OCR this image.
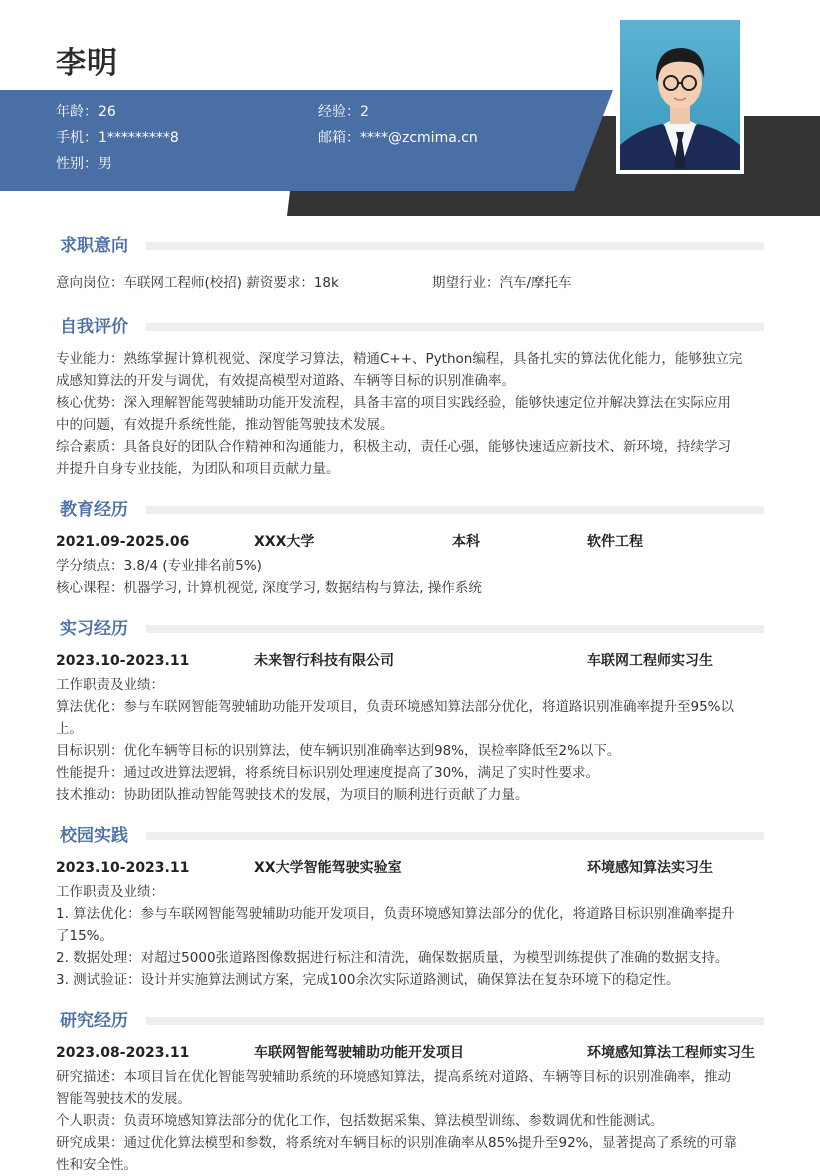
李明
年龄：26	经验：2
手机：1*********8	邮箱：****@zcmima.cn
性别：男
求职意向
意向岗位：车联网工程师(校招) 薪资要求：18k	期望行业：汽车/摩托车
自我评价
专业能力：熟练掌握计算机视觉、深度学习算法，精通C++、Python编程，具备扎实的算法优化能力，能够独立完
成感知算法的开发与调优，有效提高模型对道路、车辆等目标的识别准确率。
核心优势：深入理解智能驾驶辅助功能开发流程，具备丰富的项目实践经验，能够快速定位并解决算法在实际应用
中的问题，有效提升系统性能，推动智能驾驶技术发展。
综合素质：具备良好的团队合作精神和沟通能力，积极主动，责任心强，能够快速适应新技术、新环境，持续学习
并提升自身专业技能，为团队和项目贡献力量。
教育经历
2021.09-2025.06	XXX大学	本科	软件工程
学分绩点：3.8/4 (专业排名前5%)
核心课程：机器学习, 计算机视觉, 深度学习, 数据结构与算法, 操作系统
实习经历
2023.10-2023.11	未来智行科技有限公司	车联网工程师实习生
工作职责及业绩：
算法优化：参与车联网智能驾驶辅助功能开发项目，负责环境感知算法部分优化，将道路识别准确率提升至95%以
上。
目标识别：优化车辆等目标的识别算法，使车辆识别准确率达到98%，误检率降低至2%以下。
性能提升：通过改进算法逻辑，将系统目标识别处理速度提高了30%，满足了实时性要求。
技术推动：协助团队推动智能驾驶技术的发展，为项目的顺利进行贡献了力量。
校园实践
2023.10-2023.11	XX大学智能驾驶实验室	环境感知算法实习生
工作职责及业绩：
1. 算法优化：参与车联网智能驾驶辅助功能开发项目，负责环境感知算法部分的优化，将道路目标识别准确率提升
了15%。
2. 数据处理：对超过5000张道路图像数据进行标注和清洗，确保数据质量，为模型训练提供了准确的数据支持。
3. 测试验证：设计并实施算法测试方案，完成100余次实际道路测试，确保算法在复杂环境下的稳定性。
研究经历
2023.08-2023.11	车联网智能驾驶辅助功能开发项目	环境感知算法工程师实习生
研究描述：本项目旨在优化智能驾驶辅助系统的环境感知算法，提高系统对道路、车辆等目标的识别准确率，推动
智能驾驶技术的发展。
个人职责：负责环境感知算法部分的优化工作，包括数据采集、算法模型训练、参数调优和性能测试。
研究成果：通过优化算法模型和参数，将系统对车辆目标的识别准确率从85%提升至92%，显著提高了系统的可靠
性和安全性。
